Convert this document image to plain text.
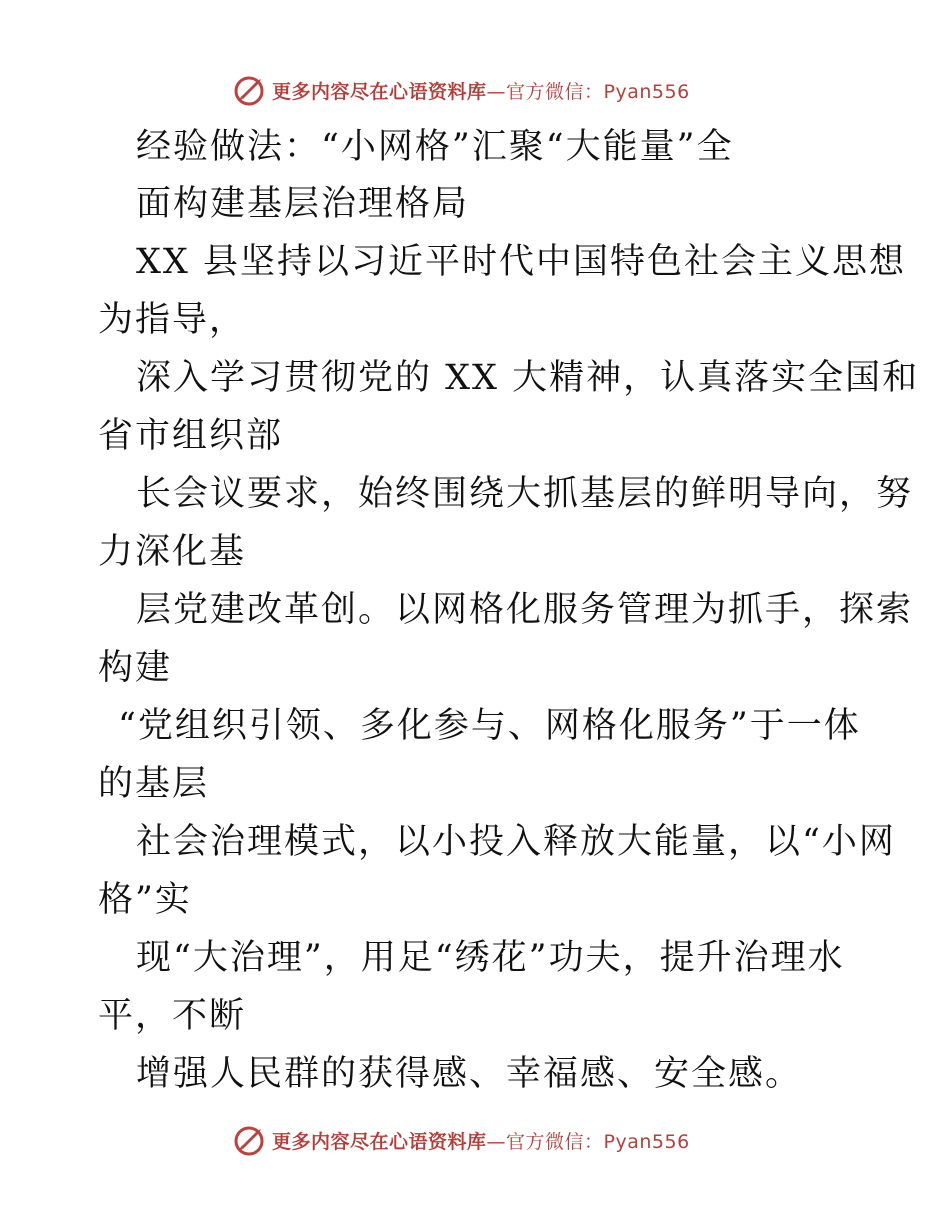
更多内容尽在心语资料库—官方微信：Pyan556
经验做法：“小网格”汇聚“大能量”全
面构建基层治理格局
XX 县坚持以习近平时代中国特色社会主义思想
为指导，
深入学习贯彻党的 XX 大精神，认真落实全国和
省市组织部
长会议要求，始终围绕大抓基层的鲜明导向，努
力深化基
层党建改革创。以网格化服务管理为抓手，探索
构建
“党组织引领、多化参与、网格化服务”于一体
的基层
社会治理模式，以小投入释放大能量，以“小网
格”实
现“大治理”，用足“绣花”功夫，提升治理水
平，不断
增强人民群的获得感、幸福感、安全感。
更多内容尽在心语资料库—官方微信：Pyan556
